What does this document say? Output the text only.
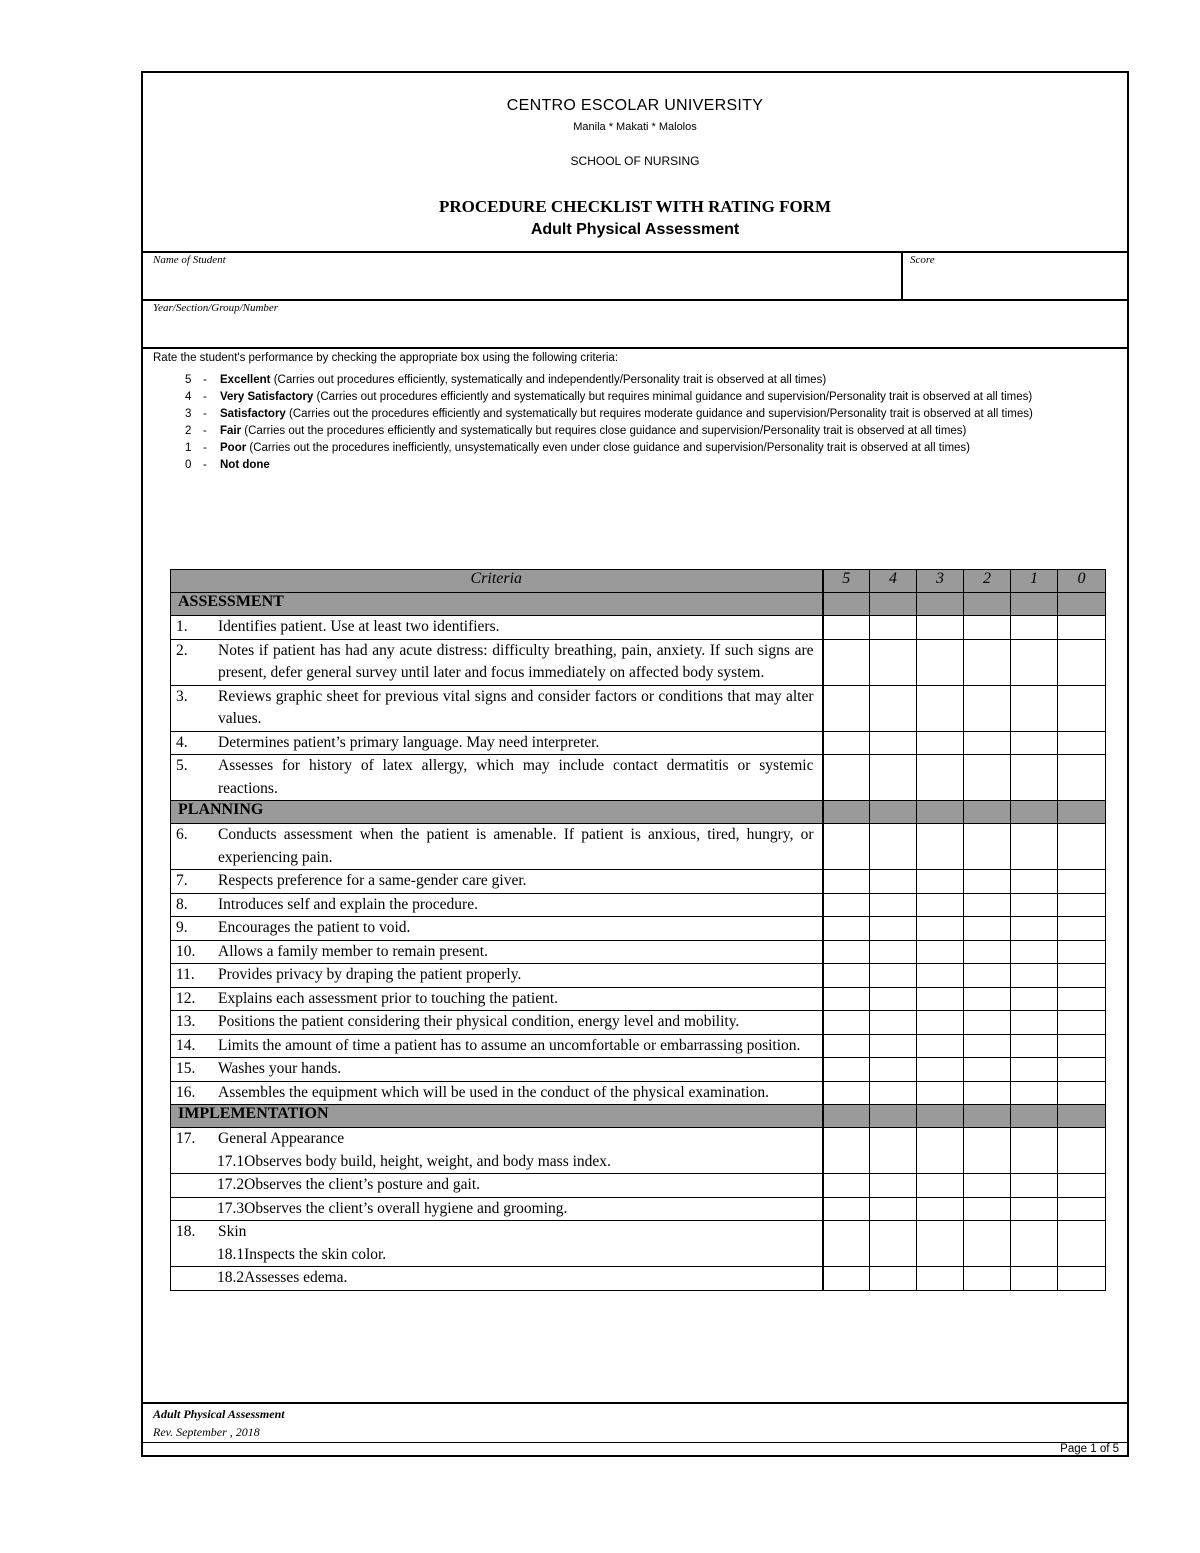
CENTRO ESCOLAR UNIVERSITY
Manila * Makati * Malolos
SCHOOL OF NURSING
PROCEDURE CHECKLIST WITH RATING FORM
Adult Physical Assessment
Name of Student	Score
Year/Section/Group/Number
Rate the student's performance by checking the appropriate box using the following criteria:
5 - Excellent (Carries out procedures efficiently, systematically and independently/Personality trait is observed at all times)
4 - Very Satisfactory (Carries out procedures efficiently and systematically but requires minimal guidance and supervision/Personality trait is observed at all times)
3 - Satisfactory (Carries out the procedures efficiently and systematically but requires moderate guidance and supervision/Personality trait is observed at all times)
2 - Fair (Carries out the procedures efficiently and systematically but requires close guidance and supervision/Personality trait is observed at all times)
1 - Poor (Carries out the procedures inefficiently, unsystematically even under close guidance and supervision/Personality trait is observed at all times)
0 - Not done
Criteria	5	4	3	2	1	0
ASSESSMENT						

1. Identifies patient. Use at least two identifiers.						

2. Notes if patient has had any acute distress: difficulty breathing, pain, anxiety. If such signs are present, defer general survey until later and focus immediately on affected body system.						

3. Reviews graphic sheet for previous vital signs and consider factors or conditions that may alter values.						

4. Determines patient’s primary language. May need interpreter.						

5. Assesses for history of latex allergy, which may include contact dermatitis or systemic reactions.						

PLANNING						

6. Conducts assessment when the patient is amenable. If patient is anxious, tired, hungry, or experiencing pain.						

7. Respects preference for a same-gender care giver.						

8. Introduces self and explain the procedure.						

9. Encourages the patient to void.						

10. Allows a family member to remain present.						

11. Provides privacy by draping the patient properly.						

12. Explains each assessment prior to touching the patient.						

13. Positions the patient considering their physical condition, energy level and mobility.						

14. Limits the amount of time a patient has to assume an uncomfortable or embarrassing position.						

15. Washes your hands.						

16. Assembles the equipment which will be used in the conduct of the physical examination.						

IMPLEMENTATION						

17. General Appearance
17.1Observes body build, height, weight, and body mass index.						

17.2Observes the client’s posture and gait.						

17.3Observes the client’s overall hygiene and grooming.						

18. Skin
18.1Inspects the skin color.						

18.2Assesses edema.						

Adult Physical Assessment
Rev. September , 2018
Page 1 of 5
